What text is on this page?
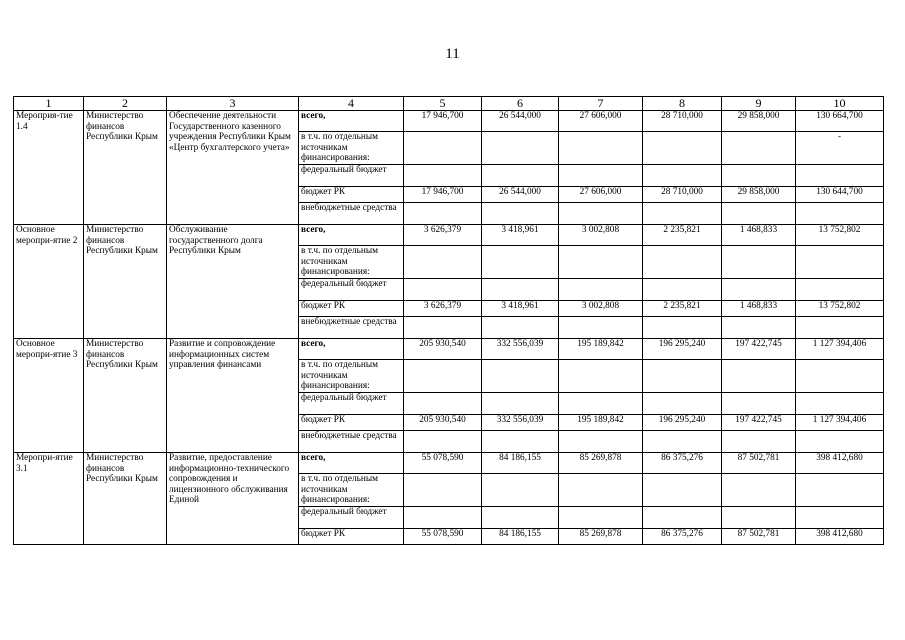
11
1	2	3	4	5	6	7	8	9	10
Мероприя-тие 1.4	Министерство финансов Республики Крым	Обеспечение деятельности Государственного казенного учреждения Республики Крым «Центр бухгалтерского учета»	всего,	17 946,700	26 544,000	27 606,000	28 710,000	29 858,000	130 664,700
			в т.ч. по отдельным источникам финансирования:						-
			федеральный бюджет						
			бюджет РК	17 946,700	26 544,000	27 606,000	28 710,000	29 858,000	130 644,700
			внебюджетные средства						
Основное меропри-ятие 2	Министерство финансов Республики Крым	Обслуживание государственного долга Республики Крым	всего,	3 626,379	3 418,961	3 002,808	2 235,821	1 468,833	13 752,802
			в т.ч. по отдельным источникам финансирования:						
			федеральный бюджет						
			бюджет РК	3 626,379	3 418,961	3 002,808	2 235,821	1 468,833	13 752,802
			внебюджетные средства						
Основное меропри-ятие 3	Министерство финансов Республики Крым	Развитие и сопровождение информационных систем управления финансами	всего,	205 930,540	332 556,039	195 189,842	196 295,240	197 422,745	1 127 394,406
			в т.ч. по отдельным источникам финансирования:						
			федеральный бюджет						
			бюджет РК	205 930,540	332 556,039	195 189,842	196 295,240	197 422,745	1 127 394,406
			внебюджетные средства						
Меропри-ятие 3.1	Министерство финансов Республики Крым	Развитие, предоставление информационно-технического сопровождения и лицензионного обслуживания Единой	всего,	55 078,590	84 186,155	85 269,878	86 375,276	87 502,781	398 412,680
			в т.ч. по отдельным источникам финансирования:						
			федеральный бюджет						
			бюджет РК	55 078,590	84 186,155	85 269,878	86 375,276	87 502,781	398 412,680
